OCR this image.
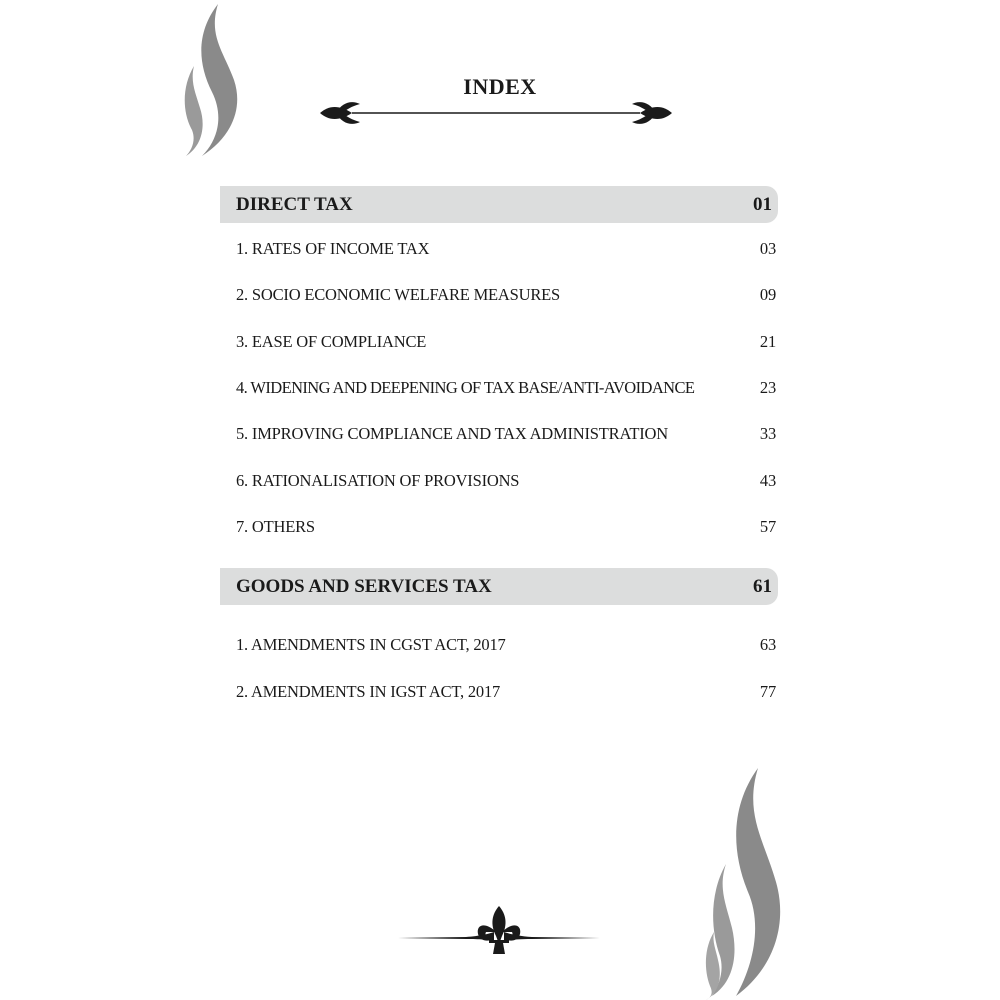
INDEX
DIRECT TAX	01
1. RATES OF INCOME TAX	03
2. SOCIO ECONOMIC WELFARE MEASURES	09
3. EASE OF COMPLIANCE	21
4. WIDENING AND DEEPENING OF TAX BASE/ANTI-AVOIDANCE	23
5. IMPROVING COMPLIANCE AND TAX ADMINISTRATION	33
6. RATIONALISATION OF PROVISIONS	43
7. OTHERS	57
GOODS AND SERVICES TAX	61
1. AMENDMENTS IN CGST ACT, 2017	63
2. AMENDMENTS IN IGST ACT, 2017	77
